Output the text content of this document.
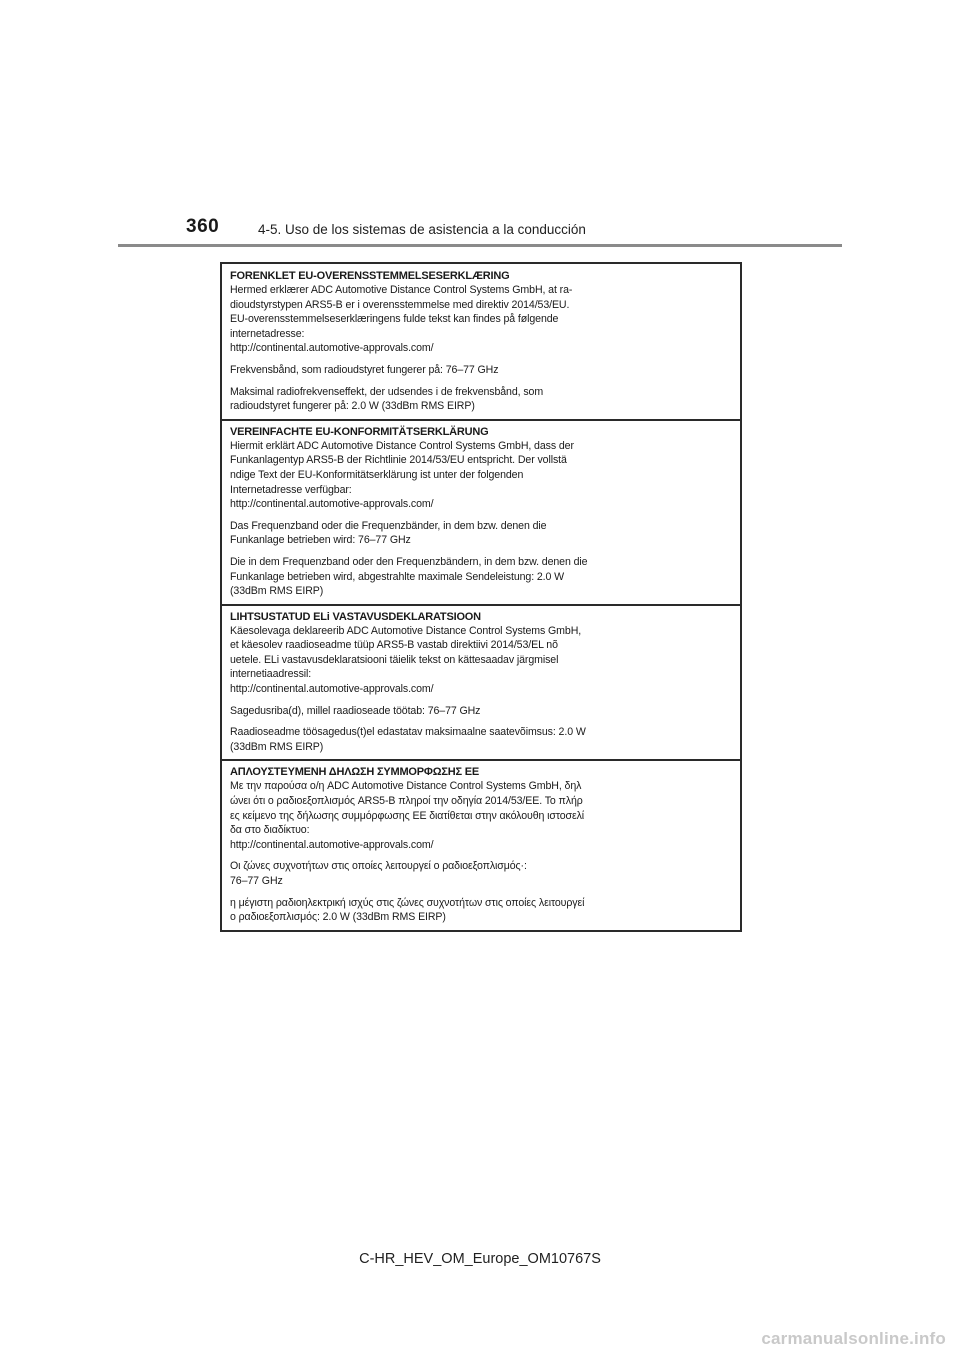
360	4-5. Uso de los sistemas de asistencia a la conducción
FORENKLET EU-OVERENSSTEMMELSESERKLÆRING
Hermed erklærer ADC Automotive Distance Control Systems GmbH, at ra-
dioudstyrstypen ARS5-B er i overensstemmelse med direktiv 2014/53/EU.
EU-overensstemmelseserklæringens fulde tekst kan findes på følgende
internetadresse:
http://continental.automotive-approvals.com/
Frekvensbånd, som radioudstyret fungerer på: 76–77 GHz
Maksimal radiofrekvenseffekt, der udsendes i de frekvensbånd, som
radioudstyret fungerer på: 2.0 W (33dBm RMS EIRP)
VEREINFACHTE EU-KONFORMITÄTSERKLÄRUNG
Hiermit erklärt ADC Automotive Distance Control Systems GmbH, dass der
Funkanlagentyp ARS5-B der Richtlinie 2014/53/EU entspricht. Der vollstä
ndige Text der EU-Konformitätserklärung ist unter der folgenden
Internetadresse verfügbar:
http://continental.automotive-approvals.com/
Das Frequenzband oder die Frequenzbänder, in dem bzw. denen die
Funkanlage betrieben wird: 76–77 GHz
Die in dem Frequenzband oder den Frequenzbändern, in dem bzw. denen die
Funkanlage betrieben wird, abgestrahlte maximale Sendeleistung: 2.0 W
(33dBm RMS EIRP)
LIHTSUSTATUD ELi VASTAVUSDEKLARATSIOON
Käesolevaga deklareerib ADC Automotive Distance Control Systems GmbH,
et käesolev raadioseadme tüüp ARS5-B vastab direktiivi 2014/53/EL nõ
uetele. ELi vastavusdeklaratsiooni täielik tekst on kättesaadav järgmisel
internetiaadressil:
http://continental.automotive-approvals.com/
Sagedusriba(d), millel raadioseade töötab: 76–77 GHz
Raadioseadme töösagedus(t)el edastatav maksimaalne saatevõimsus: 2.0 W
(33dBm RMS EIRP)
ΑΠΛΟΥΣΤΕΥΜΕΝΗ ΔΗΛΩΣΗ ΣΥΜΜΟΡΦΩΣΗΣ ΕΕ
Με την παρούσα ο/η ADC Automotive Distance Control Systems GmbH, δηλ
ώνει ότι ο ραδιοεξοπλισμός ARS5-B πληροί την οδηγία 2014/53/ΕΕ. Το πλήρ
ες κείμενο της δήλωσης συμμόρφωσης ΕΕ διατίθεται στην ακόλουθη ιστοσελί
δα στο διαδίκτυο:
http://continental.automotive-approvals.com/
Οι ζώνες συχνοτήτων στις οποίες λειτουργεί ο ραδιοεξοπλισμός·:
76–77 GHz
η μέγιστη ραδιοηλεκτρική ισχύς στις ζώνες συχνοτήτων στις οποίες λειτουργεί
ο ραδιοεξοπλισμός: 2.0 W (33dBm RMS EIRP)
C-HR_HEV_OM_Europe_OM10767S
carmanualsonline.info
